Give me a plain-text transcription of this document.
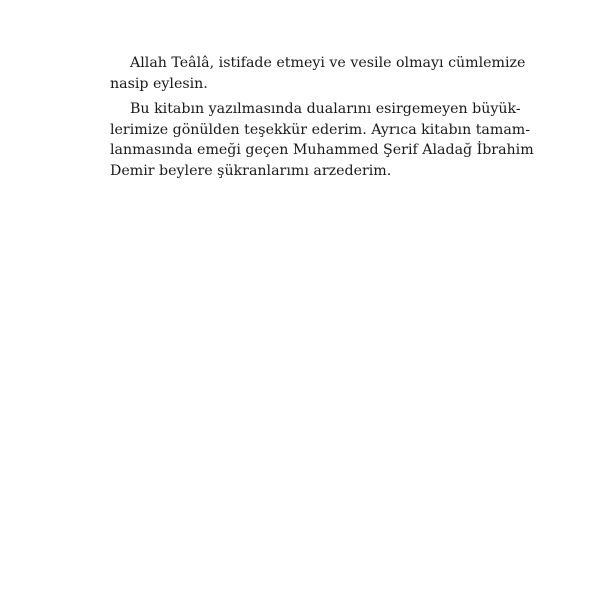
Allah Teâlâ, istifade etmeyi ve vesile olmayı cümlemize
nasip eylesin.

Bu kitabın yazılmasında dualarını esirgemeyen büyük-
lerimize gönülden teşekkür ederim. Ayrıca kitabın tamam-
lanmasında emeği geçen Muhammed Şerif Aladağ İbrahim
Demir beylere şükranlarımı arzederim.
